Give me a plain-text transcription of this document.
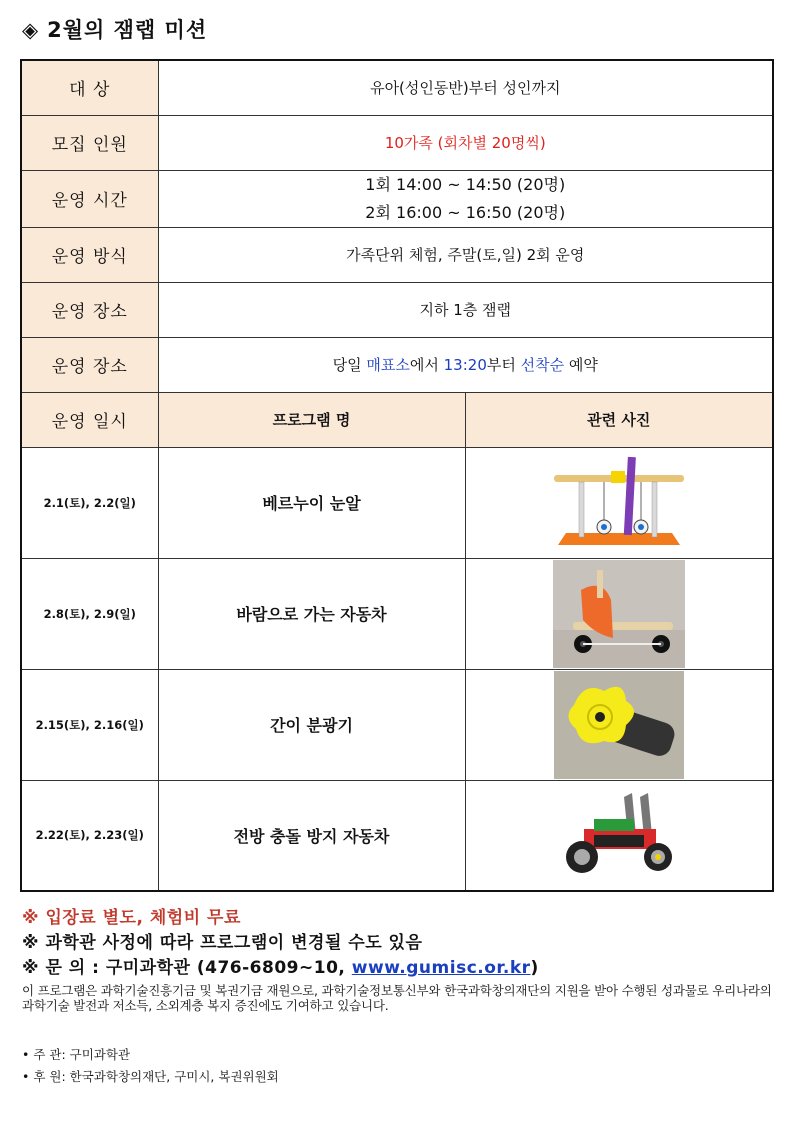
◈ 2월의 잼랩 미션
대 상	유아(성인동반)부터 성인까지	
모집 인원	10가족 (회차별 20명씩)	
운영 시간	1회 14:00 ~ 14:50 (20명)
2회 16:00 ~ 16:50 (20명)	

운영 방식	가족단위 체험, 주말(토,일) 2회 운영	
운영 장소	지하 1층 잼랩	
운영 장소	당일 매표소에서 13:20부터 선착순 예약	
운영 일시	프로그램 명	관련 사진
2.1(토), 2.2(일)	베르누이 눈알	
2.8(토), 2.9(일)	바람으로 가는 자동차	
2.15(토), 2.16(일)	간이 분광기	
2.22(토), 2.23(일)	전방 충돌 방지 자동차	
※ 입장료 별도, 체험비 무료
※ 과학관 사정에 따라 프로그램이 변경될 수도 있음
※ 문 의 : 구미과학관 (476-6809~10, www.gumisc.or.kr)
이 프로그램은 과학기술진흥기금 및 복권기금 재원으로, 과학기술정보통신부와 한국과학창의재단의 지원을 받아 수행된 성과물로 우리나라의 과학기술 발전과 저소득, 소외계층 복지 증진에도 기여하고 있습니다.
• 주 관: 구미과학관
• 후 원: 한국과학창의재단, 구미시, 복권위원회
